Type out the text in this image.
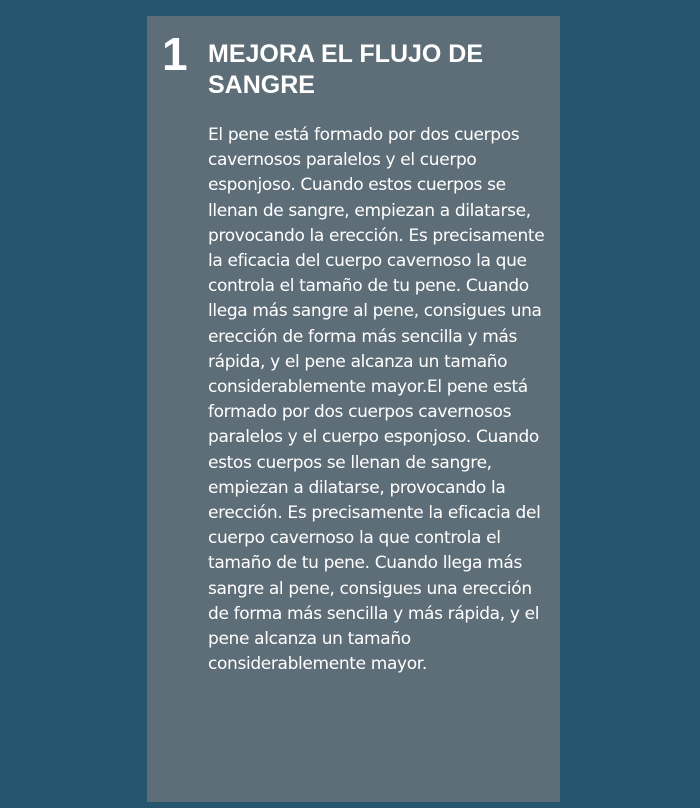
1 MEJORA EL FLUJO DE SANGRE

El pene está formado por dos cuerpos cavernosos paralelos y el cuerpo esponjoso. Cuando estos cuerpos se llenan de sangre, empiezan a dilatarse, provocando la erección. Es precisamente la eficacia del cuerpo cavernoso la que controla el tamaño de tu pene. Cuando llega más sangre al pene, consigues una erección de forma más sencilla y más rápida, y el pene alcanza un tamaño considerablemente mayor.El pene está formado por dos cuerpos cavernosos paralelos y el cuerpo esponjoso. Cuando estos cuerpos se llenan de sangre, empiezan a dilatarse, provocando la erección. Es precisamente la eficacia del cuerpo cavernoso la que controla el tamaño de tu pene. Cuando llega más sangre al pene, consigues una erección de forma más sencilla y más rápida, y el pene alcanza un tamaño considerablemente mayor.
